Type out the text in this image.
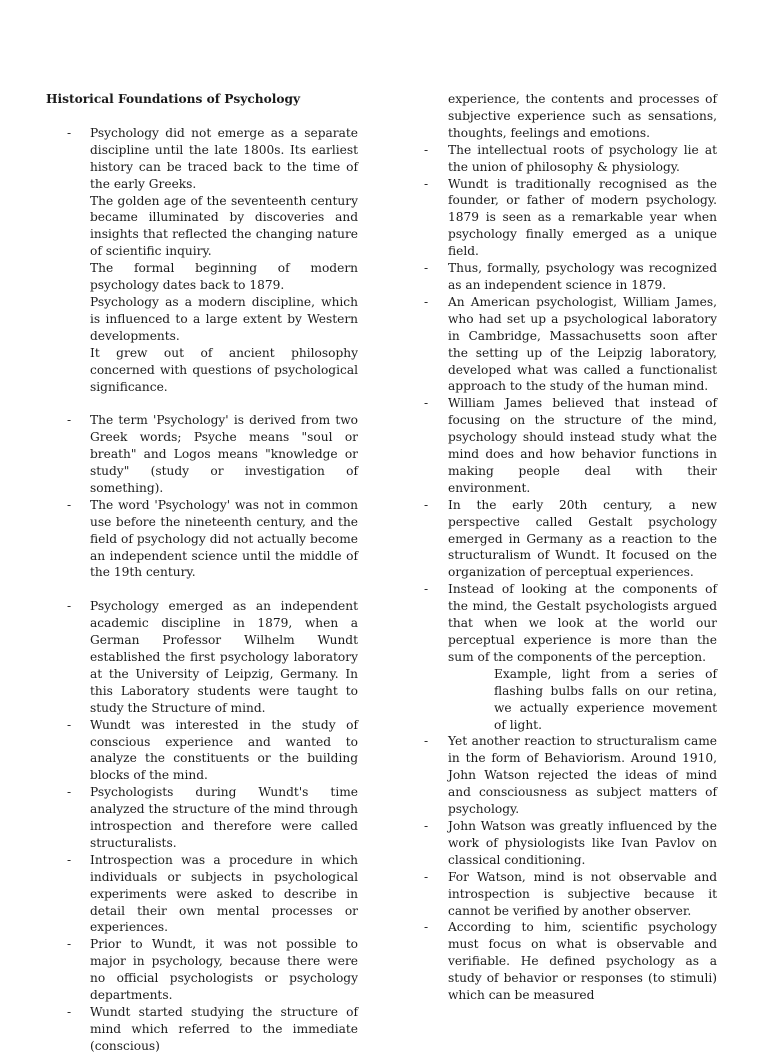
Historical Foundations of Psychology
- Psychology did not emerge as a separate discipline until the late 1800s. Its earliest history can be traced back to the time of the early Greeks.

The golden age of the seventeenth century became illuminated by discoveries and insights that reflected the changing nature of scientific inquiry.

The formal beginning of modern psychology dates back to 1879.

Psychology as a modern discipline, which is influenced to a large extent by Western developments.

It grew out of ancient philosophy concerned with questions of psychological significance.

- The term 'Psychology' is derived from two Greek words; Psyche means "soul or breath" and Logos means "knowledge or study" (study or investigation of something).

- The word 'Psychology' was not in common use before the nineteenth century, and the field of psychology did not actually become an independent science until the middle of the 19th century.

- Psychology emerged as an independent academic discipline in 1879, when a German Professor Wilhelm Wundt established the first psychology laboratory at the University of Leipzig, Germany. In this Laboratory students were taught to study the Structure of mind.

- Wundt was interested in the study of conscious experience and wanted to analyze the constituents or the building blocks of the mind.

- Psychologists during Wundt's time analyzed the structure of the mind through introspection and therefore were called structuralists.

- Introspection was a procedure in which individuals or subjects in psychological experiments were asked to describe in detail their own mental processes or experiences.

- Prior to Wundt, it was not possible to major in psychology, because there were no official psychologists or psychology departments.

- Wundt started studying the structure of mind which referred to the immediate (conscious)

experience, the contents and processes of subjective experience such as sensations, thoughts, feelings and emotions.

- The intellectual roots of psychology lie at the union of philosophy & physiology.

- Wundt is traditionally recognised as the founder, or father of modern psychology. 1879 is seen as a remarkable year when psychology finally emerged as a unique field.

- Thus, formally, psychology was recognized as an independent science in 1879.

- An American psychologist, William James, who had set up a psychological laboratory in Cambridge, Massachusetts soon after the setting up of the Leipzig laboratory, developed what was called a functionalist approach to the study of the human mind.

- William James believed that instead of focusing on the structure of the mind, psychology should instead study what the mind does and how behavior functions in making people deal with their environment.

- In the early 20th century, a new perspective called Gestalt psychology emerged in Germany as a reaction to the structuralism of Wundt. It focused on the organization of perceptual experiences.

- Instead of looking at the components of the mind, the Gestalt psychologists argued that when we look at the world our perceptual experience is more than the sum of the components of the perception.

Example, light from a series of flashing bulbs falls on our retina, we actually experience movement of light.
- Yet another reaction to structuralism came in the form of Behaviorism. Around 1910, John Watson rejected the ideas of mind and consciousness as subject matters of psychology.

- John Watson was greatly influenced by the work of physiologists like Ivan Pavlov on classical conditioning.

- For Watson, mind is not observable and introspection is subjective because it cannot be verified by another observer.

- According to him, scientific psychology must focus on what is observable and verifiable. He defined psychology as a study of behavior or responses (to stimuli) which can be measured
